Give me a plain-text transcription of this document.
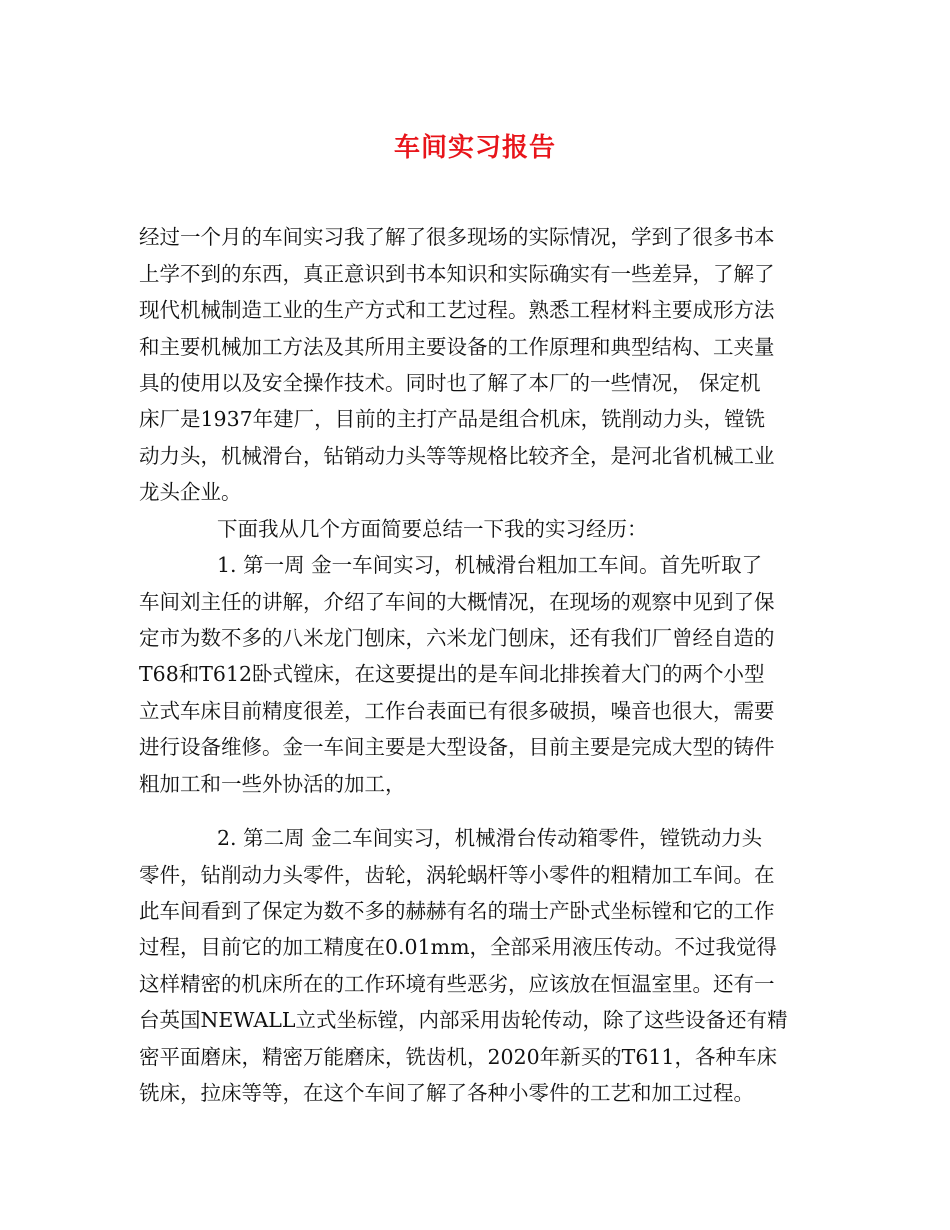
车间实习报告
经过一个月的车间实习我了解了很多现场的实际情况，学到了很多书本
上学不到的东西，真正意识到书本知识和实际确实有一些差异，了解了
现代机械制造工业的生产方式和工艺过程。熟悉工程材料主要成形方法
和主要机械加工方法及其所用主要设备的工作原理和典型结构、工夹量
具的使用以及安全操作技术。同时也了解了本厂的一些情况， 保定机
床厂是1937年建厂，目前的主打产品是组合机床，铣削动力头，镗铣
动力头，机械滑台，钻销动力头等等规格比较齐全，是河北省机械工业
龙头企业。
下面我从几个方面简要总结一下我的实习经历：
1. 第一周 金一车间实习，机械滑台粗加工车间。首先听取了
车间刘主任的讲解，介绍了车间的大概情况，在现场的观察中见到了保
定市为数不多的八米龙门刨床，六米龙门刨床，还有我们厂曾经自造的
T68和T612卧式镗床，在这要提出的是车间北排挨着大门的两个小型
立式车床目前精度很差，工作台表面已有很多破损，噪音也很大，需要
进行设备维修。金一车间主要是大型设备，目前主要是完成大型的铸件
粗加工和一些外协活的加工，
2. 第二周 金二车间实习，机械滑台传动箱零件，镗铣动力头
零件，钻削动力头零件，齿轮，涡轮蜗杆等小零件的粗精加工车间。在
此车间看到了保定为数不多的赫赫有名的瑞士产卧式坐标镗和它的工作
过程，目前它的加工精度在0.01mm，全部采用液压传动。不过我觉得
这样精密的机床所在的工作环境有些恶劣，应该放在恒温室里。还有一
台英国NEWALL立式坐标镗，内部采用齿轮传动，除了这些设备还有精
密平面磨床，精密万能磨床，铣齿机，2020年新买的T611，各种车床
铣床，拉床等等，在这个车间了解了各种小零件的工艺和加工过程。
